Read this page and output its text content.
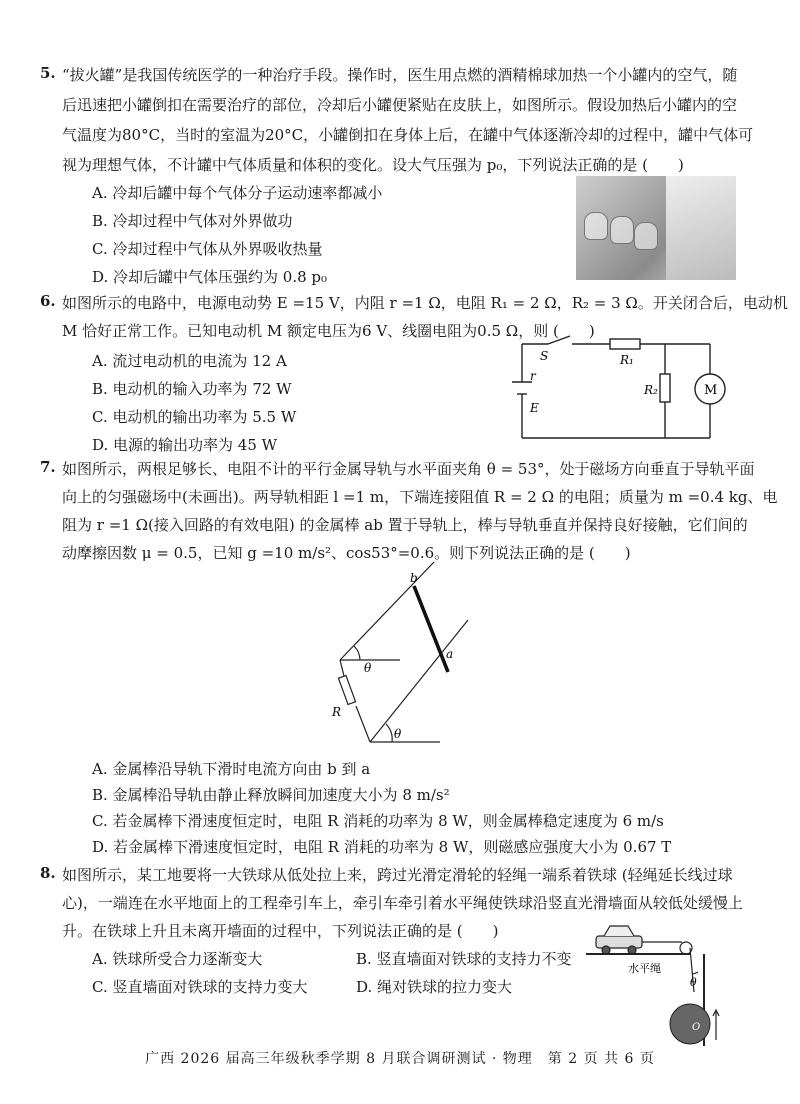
5. “拔火罐”是我国传统医学的一种治疗手段。操作时，医生用点燃的酒精棉球加热一个小罐内的空气，随
后迅速把小罐倒扣在需要治疗的部位，冷却后小罐便紧贴在皮肤上，如图所示。假设加热后小罐内的空
气温度为80°C，当时的室温为20°C，小罐倒扣在身体上后，在罐中气体逐渐冷却的过程中，罐中气体可
视为理想气体，不计罐中气体质量和体积的变化。设大气压强为 p₀，下列说法正确的是 (　　)
A. 冷却后罐中每个气体分子运动速率都减小
B. 冷却过程中气体对外界做功
C. 冷却过程中气体从外界吸收热量
D. 冷却后罐中气体压强约为 0.8 p₀
6. 如图所示的电路中，电源电动势 E =15 V，内阻 r =1 Ω，电阻 R₁ = 2 Ω，R₂ = 3 Ω。开关闭合后，电动机
M 恰好正常工作。已知电动机 M 额定电压为6 V、线圈电阻为0.5 Ω，则 (　　)
A. 流过电动机的电流为 12 A
B. 电动机的输入功率为 72 W
C. 电动机的输出功率为 5.5 W
D. 电源的输出功率为 45 W
S	R₁
R₂	M
r
E
7. 如图所示，两根足够长、电阻不计的平行金属导轨与水平面夹角 θ = 53°，处于磁场方向垂直于导轨平面
向上的匀强磁场中(未画出)。两导轨相距 l =1 m，下端连接阻值 R = 2 Ω 的电阻；质量为 m =0.4 kg、电
阻为 r =1 Ω(接入回路的有效电阻) 的金属棒 ab 置于导轨上，棒与导轨垂直并保持良好接触，它们间的
动摩擦因数 μ = 0.5，已知 g =10 m/s²、cos53°=0.6。则下列说法正确的是 (　　)
b
a
R
θ
θ
A. 金属棒沿导轨下滑时电流方向由 b 到 a
B. 金属棒沿导轨由静止释放瞬间加速度大小为 8 m/s²
C. 若金属棒下滑速度恒定时，电阻 R 消耗的功率为 8 W，则金属棒稳定速度为 6 m/s
D. 若金属棒下滑速度恒定时，电阻 R 消耗的功率为 8 W，则磁感应强度大小为 0.67 T
8. 如图所示，某工地要将一大铁球从低处拉上来，跨过光滑定滑轮的轻绳一端系着铁球 (轻绳延长线过球
心)，一端连在水平地面上的工程牵引车上，牵引车牵引着水平绳使铁球沿竖直光滑墙面从较低处缓慢上
升。在铁球上升且未离开墙面的过程中，下列说法正确的是 (　　)
A. 铁球所受合力逐渐变大	B. 竖直墙面对铁球的支持力不变
C. 竖直墙面对铁球的支持力变大	D. 绳对铁球的拉力变大
水平绳
θ
O
广西 2026 届高三年级秋季学期 8 月联合调研测试 · 物理　第 2 页 共 6 页
